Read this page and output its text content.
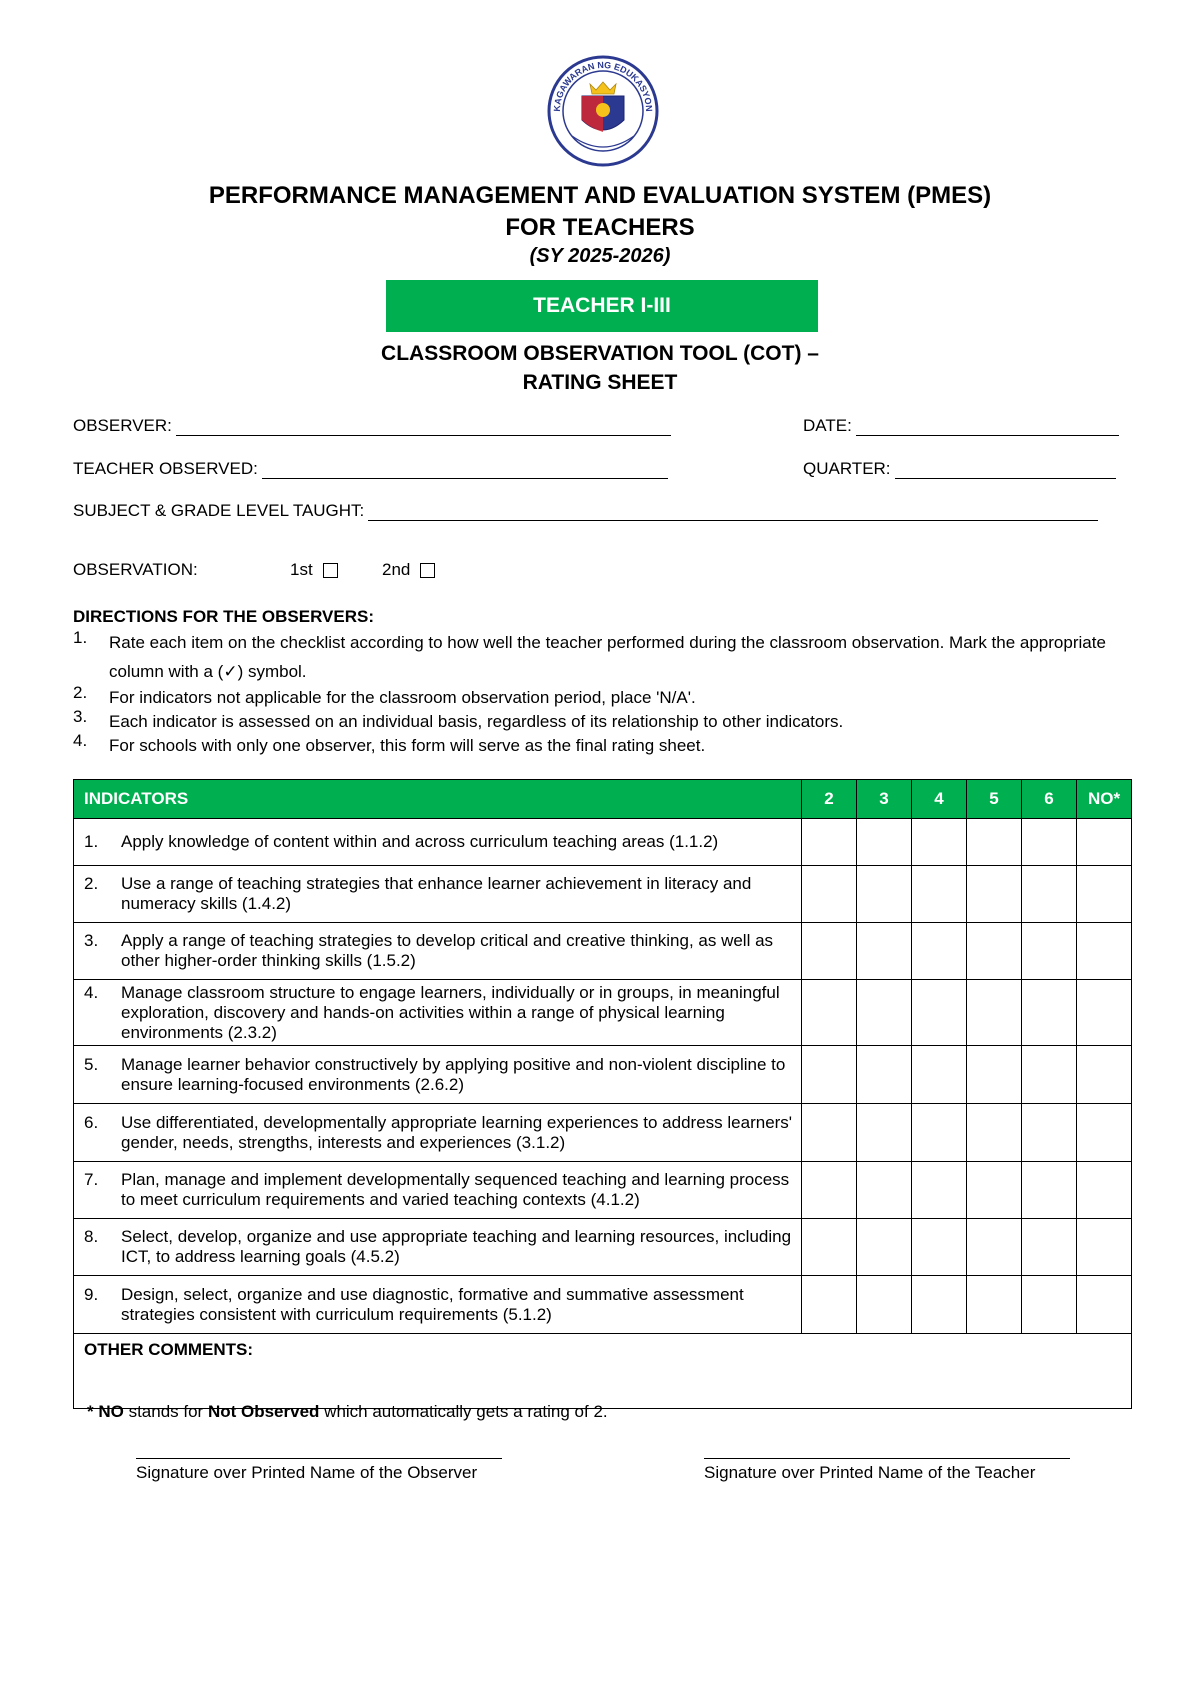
KAGAWARAN NG EDUKASYON
PERFORMANCE MANAGEMENT AND EVALUATION SYSTEM (PMES)
FOR TEACHERS
(SY 2025-2026)
TEACHER I-III
CLASSROOM OBSERVATION TOOL (COT) –
RATING SHEET
OBSERVER:	DATE:
TEACHER OBSERVED:	QUARTER:
SUBJECT & GRADE LEVEL TAUGHT:
OBSERVATION:	1st	2nd
DIRECTIONS FOR THE OBSERVERS:
1. Rate each item on the checklist according to how well the teacher performed during the classroom observation. Mark the appropriate column with a (✓) symbol.
2. For indicators not applicable for the classroom observation period, place 'N/A'.
3. Each indicator is assessed on an individual basis, regardless of its relationship to other indicators.
4. For schools with only one observer, this form will serve as the final rating sheet.
INDICATORS	2	3	4	5	6	NO*

1. Apply knowledge of content within and across curriculum teaching areas (1.1.2)						

2. Use a range of teaching strategies that enhance learner achievement in literacy and numeracy skills (1.4.2)						

3. Apply a range of teaching strategies to develop critical and creative thinking, as well as other higher-order thinking skills (1.5.2)						

4. Manage classroom structure to engage learners, individually or in groups, in meaningful exploration, discovery and hands-on activities within a range of physical learning environments (2.3.2)						

5. Manage learner behavior constructively by applying positive and non-violent discipline to ensure learning-focused environments (2.6.2)						

6. Use differentiated, developmentally appropriate learning experiences to address learners' gender, needs, strengths, interests and experiences (3.1.2)						

7. Plan, manage and implement developmentally sequenced teaching and learning process to meet curriculum requirements and varied teaching contexts (4.1.2)						

8. Select, develop, organize and use appropriate teaching and learning resources, including ICT, to address learning goals (4.5.2)						

9. Design, select, organize and use diagnostic, formative and summative assessment strategies consistent with curriculum requirements (5.1.2)						

OTHER COMMENTS:						
* NO stands for Not Observed which automatically gets a rating of 2.
Signature over Printed Name of the Observer	Signature over Printed Name of the Teacher
